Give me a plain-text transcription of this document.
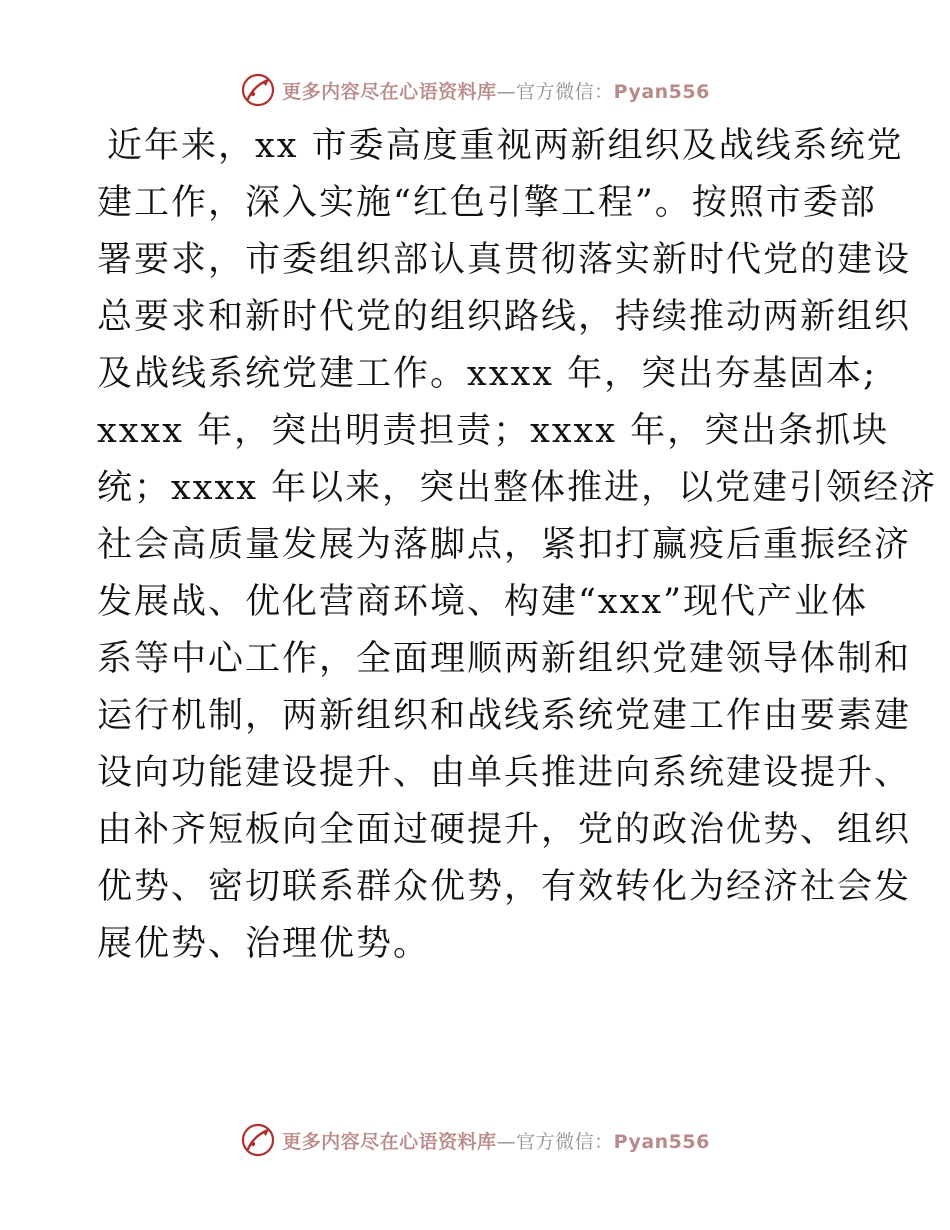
更多内容尽在心语资料库—官方微信：Pyan556
近年来，xx 市委高度重视两新组织及战线系统党
建工作，深入实施“红色引擎工程”。按照市委部
署要求，市委组织部认真贯彻落实新时代党的建设
总要求和新时代党的组织路线，持续推动两新组织
及战线系统党建工作。xxxx 年，突出夯基固本;
xxxx 年，突出明责担责；xxxx 年，突出条抓块
统；xxxx 年以来，突出整体推进，以党建引领经济
社会高质量发展为落脚点，紧扣打赢疫后重振经济
发展战、优化营商环境、构建“xxx”现代产业体
系等中心工作，全面理顺两新组织党建领导体制和
运行机制，两新组织和战线系统党建工作由要素建
设向功能建设提升、由单兵推进向系统建设提升、
由补齐短板向全面过硬提升，党的政治优势、组织
优势、密切联系群众优势，有效转化为经济社会发
展优势、治理优势。
更多内容尽在心语资料库—官方微信：Pyan556
